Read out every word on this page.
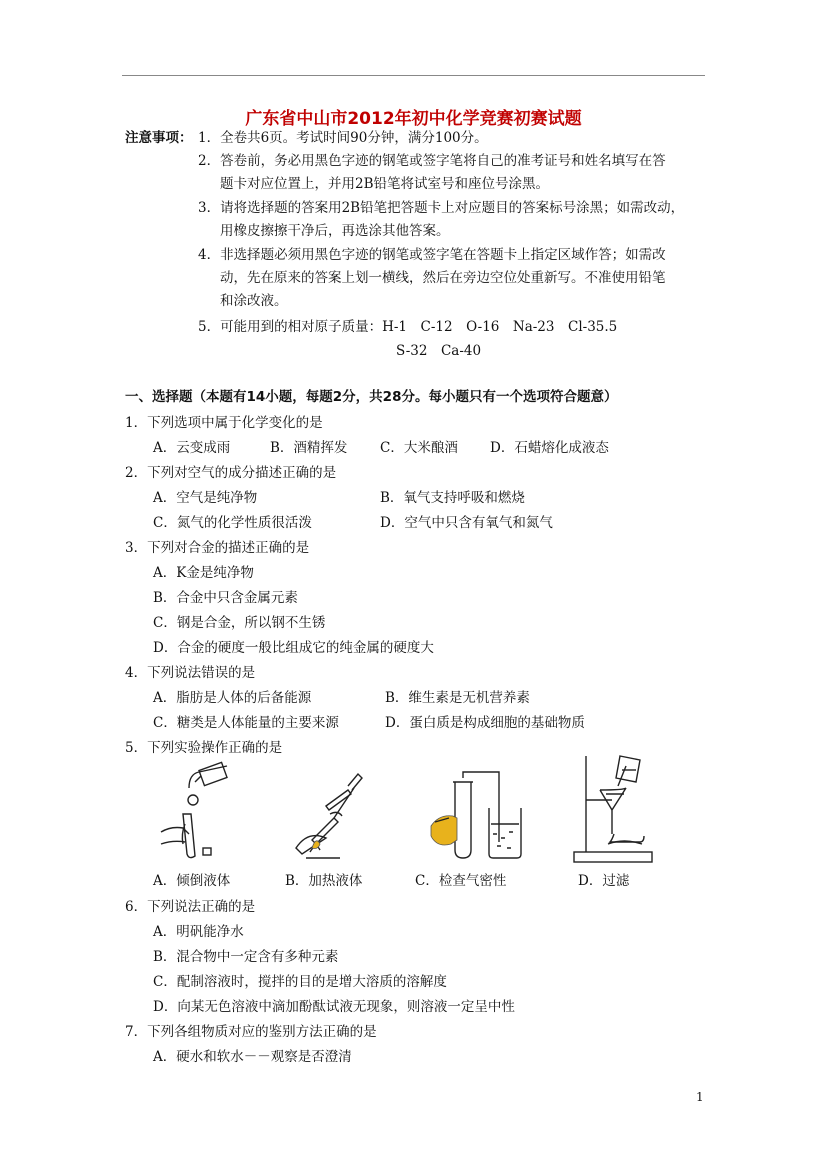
广东省中山市2012年初中化学竞赛初赛试题
注意事项： 1．全卷共6页。考试时间90分钟，满分100分。
2．答卷前，务必用黑色字迹的钢笔或签字笔将自己的准考证号和姓名填写在答
题卡对应位置上，并用2B铅笔将试室号和座位号涂黑。
3．请将选择题的答案用2B铅笔把答题卡上对应题目的答案标号涂黑；如需改动，
用橡皮擦擦干净后，再选涂其他答案。
4．非选择题必须用黑色字迹的钢笔或签字笔在答题卡上指定区域作答；如需改
动，先在原来的答案上划一横线，然后在旁边空位处重新写。不准使用铅笔
和涂改液。
5．可能用到的相对原子质量：H-1　C-12　O-16　Na-23　Cl-35.5
S-32　Ca-40
一、选择题（本题有14小题，每题2分，共28分。每小题只有一个选项符合题意）
1．下列选项中属于化学变化的是
A．云变成雨	B．酒精挥发 C．大米酿酒 D．石蜡熔化成液态
2．下列对空气的成分描述正确的是
A．空气是纯净物	B．氧气支持呼吸和燃烧
C．氮气的化学性质很活泼	D．空气中只含有氧气和氮气
3．下列对合金的描述正确的是
A．K金是纯净物
B．合金中只含金属元素
C．钢是合金，所以钢不生锈
D．合金的硬度一般比组成它的纯金属的硬度大
4．下列说法错误的是
A．脂肪是人体的后备能源	B．维生素是无机营养素
C．糖类是人体能量的主要来源	D．蛋白质是构成细胞的基础物质
5．下列实验操作正确的是
A．倾倒液体	B．加热液体	C．检查气密性	D．过滤
6．下列说法正确的是
A．明矾能净水
B．混合物中一定含有多种元素
C．配制溶液时，搅拌的目的是增大溶质的溶解度
D．向某无色溶液中滴加酚酞试液无现象，则溶液一定呈中性
7．下列各组物质对应的鉴别方法正确的是
A．硬水和软水－－观察是否澄清
1
